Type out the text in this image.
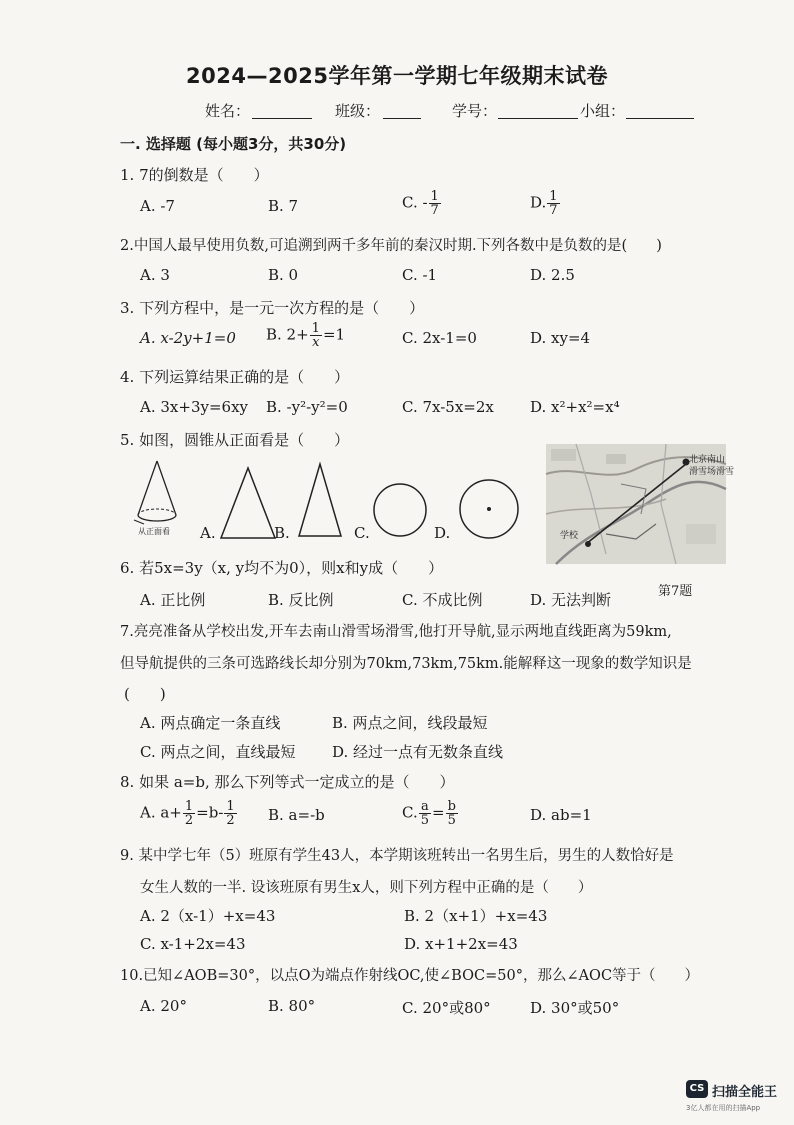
2024—2025学年第一学期七年级期末试卷
姓名：	班级：	学号：	小组：
一. 选择题 (每小题3分，共30分)
1. 7的倒数是（　　）
A. -7	B. 7	C. - $\frac{1}{7}$	D. $\frac{1}{7}$
2.中国人最早使用负数,可追溯到两千多年前的秦汉时期.下列各数中是负数的是(　　)
A. 3	B. 0	C. -1	D. 2.5
3. 下列方程中，是一元一次方程的是（　　）
A. x-2y+1=0 B. $2+ \frac{1}{x} =1$	C. 2x-1=0	D. xy=4
4. 下列运算结果正确的是（　　）
A. 3x+3y=6xy B. -y²-y²=0	C. 7x-5x=2x D. x²+x²=x⁴
5. 如图，圆锥从正面看是（　　）
从正面看 A.	B.	C.	D.
北京南山
滑雪场滑雪
学校
第7题
6. 若5x=3y（x, y均不为0），则x和y成（　　）
A. 正比例	B. 反比例	C. 不成比例	D. 无法判断
7.亮亮准备从学校出发,开车去南山滑雪场滑雪,他打开导航,显示两地直线距离为59km,
但导航提供的三条可选路线长却分别为70km,73km,75km.能解释这一现象的数学知识是
(　　)
A. 两点确定一条直线	B. 两点之间，线段最短
C. 两点之间，直线最短 D. 经过一点有无数条直线
8. 如果 a=b, 那么下列等式一定成立的是（　　）
A. $a+ \frac{1}{2} =b- \frac{1}{2} B$. a=-b	C. $\frac{a}{5} = \frac{b}{5}$	D. ab=1
9. 某中学七年（5）班原有学生43人，本学期该班转出一名男生后，男生的人数恰好是
女生人数的一半. 设该班原有男生x人，则下列方程中正确的是（　　）
A. 2（x-1）+x=43	B. 2（x+1）+x=43
C. x-1+2x=43	D. x+1+2x=43
10.已知∠AOB=30°，以点O为端点作射线OC,使∠BOC=50°，那么∠AOC等于（　　）
A. 20°	B. 80°	C. 20°或80°	D. 30°或50°
CS 扫描全能王
3亿人都在用的扫描App
